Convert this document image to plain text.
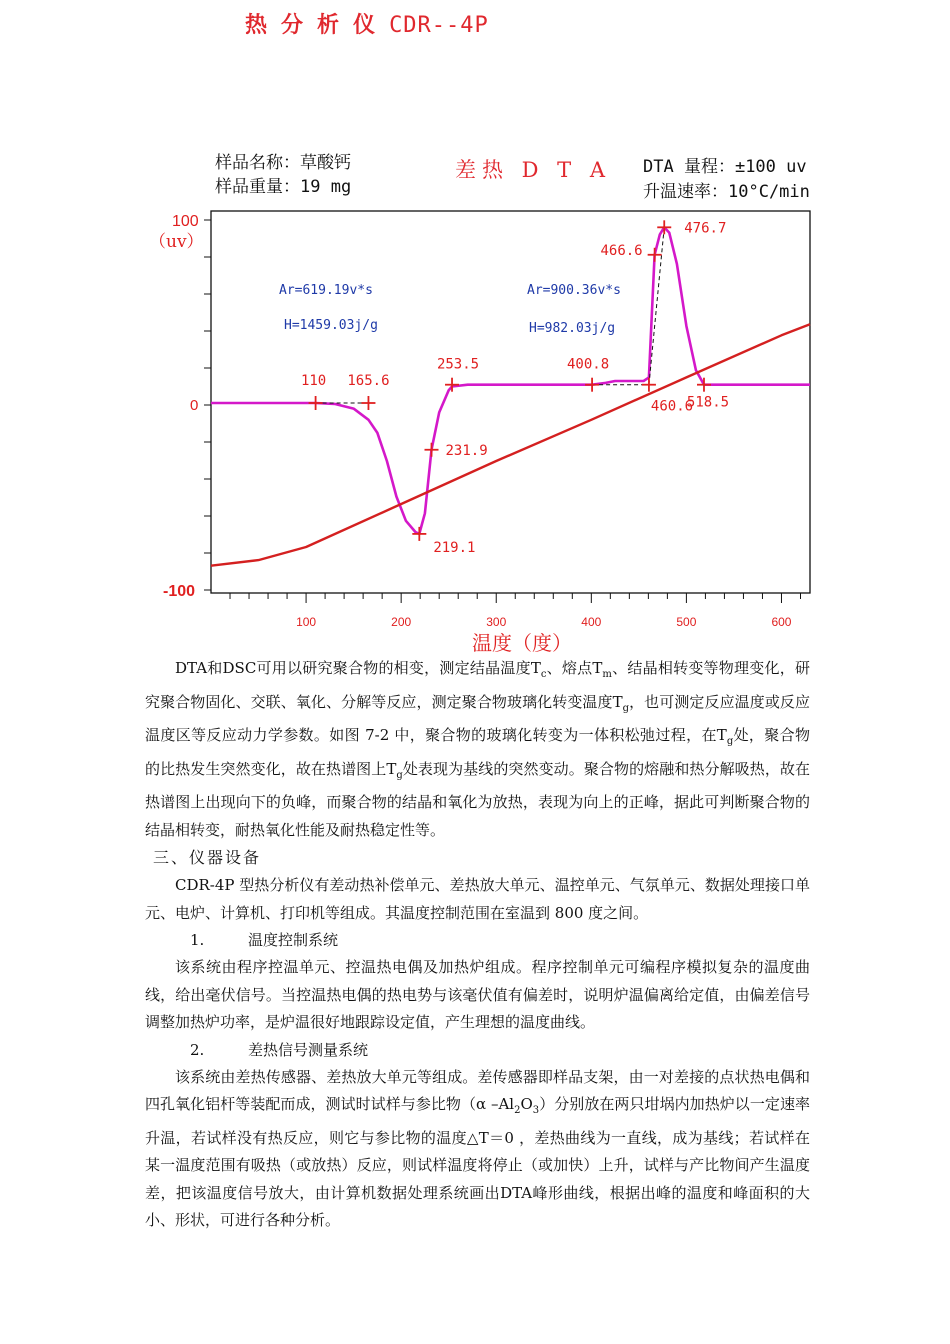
热分析仪CDR--4P
差热 D T A
样品名称：草酸钙
样品重量：19 mg
DTA 量程：±100 uv
升温速率：10°C/min
100
（uv）
0
-100
100	200	300	400	500	600
温度（度）
Ar=619.19v*s
H=1459.03j/g
Ar=900.36v*s
H=982.03j/g
110 165.6
219.1
231.9
253.5	400.8
460.6
466.6
476.7
518.5

DTA和DSC可用以研究聚合物的相变，测定结晶温度$T_c$、熔点$T_m$、结晶相转变等物理变化，研究聚合物固化、交联、氧化、分解等反应，测定聚合物玻璃化转变温度$T_g$，也可测定反应温度或反应温度区等反应动力学参数。如图 7-2 中，聚合物的玻璃化转变为一体积松弛过程，在$T_g$处，聚合物的比热发生突然变化，故在热谱图上$T_g$处表现为基线的突然变动。聚合物的熔融和热分解吸热，故在热谱图上出现向下的负峰，而聚合物的结晶和氧化为放热，表现为向上的正峰，据此可判断聚合物的结晶相转变，耐热氧化性能及耐热稳定性等。

三、仪器设备

CDR-4P 型热分析仪有差动热补偿单元、差热放大单元、温控单元、气氛单元、数据处理接口单元、电炉、计算机、打印机等组成。其温度控制范围在室温到 800 度之间。

1.	温度控制系统

该系统由程序控温单元、控温热电偶及加热炉组成。程序控制单元可编程序模拟复杂的温度曲线，给出毫伏信号。当控温热电偶的热电势与该毫伏值有偏差时，说明炉温偏离给定值，由偏差信号调整加热炉功率，是炉温很好地跟踪设定值，产生理想的温度曲线。

2.	差热信号测量系统

该系统由差热传感器、差热放大单元等组成。差传感器即样品支架，由一对差接的点状热电偶和四孔氧化铝杆等装配而成，测试时试样与参比物（α $-Al_2O_3$）分别放在两只坩埚内加热炉以一定速率升温，若试样没有热反应，则它与参比物的温度△T＝0 ，差热曲线为一直线，成为基线；若试样在某一温度范围有吸热（或放热）反应，则试样温度将停止（或加快）上升，试样与产比物间产生温度差，把该温度信号放大，由计算机数据处理系统画出DTA峰形曲线，根据出峰的温度和峰面积的大小、形状，可进行各种分析。
